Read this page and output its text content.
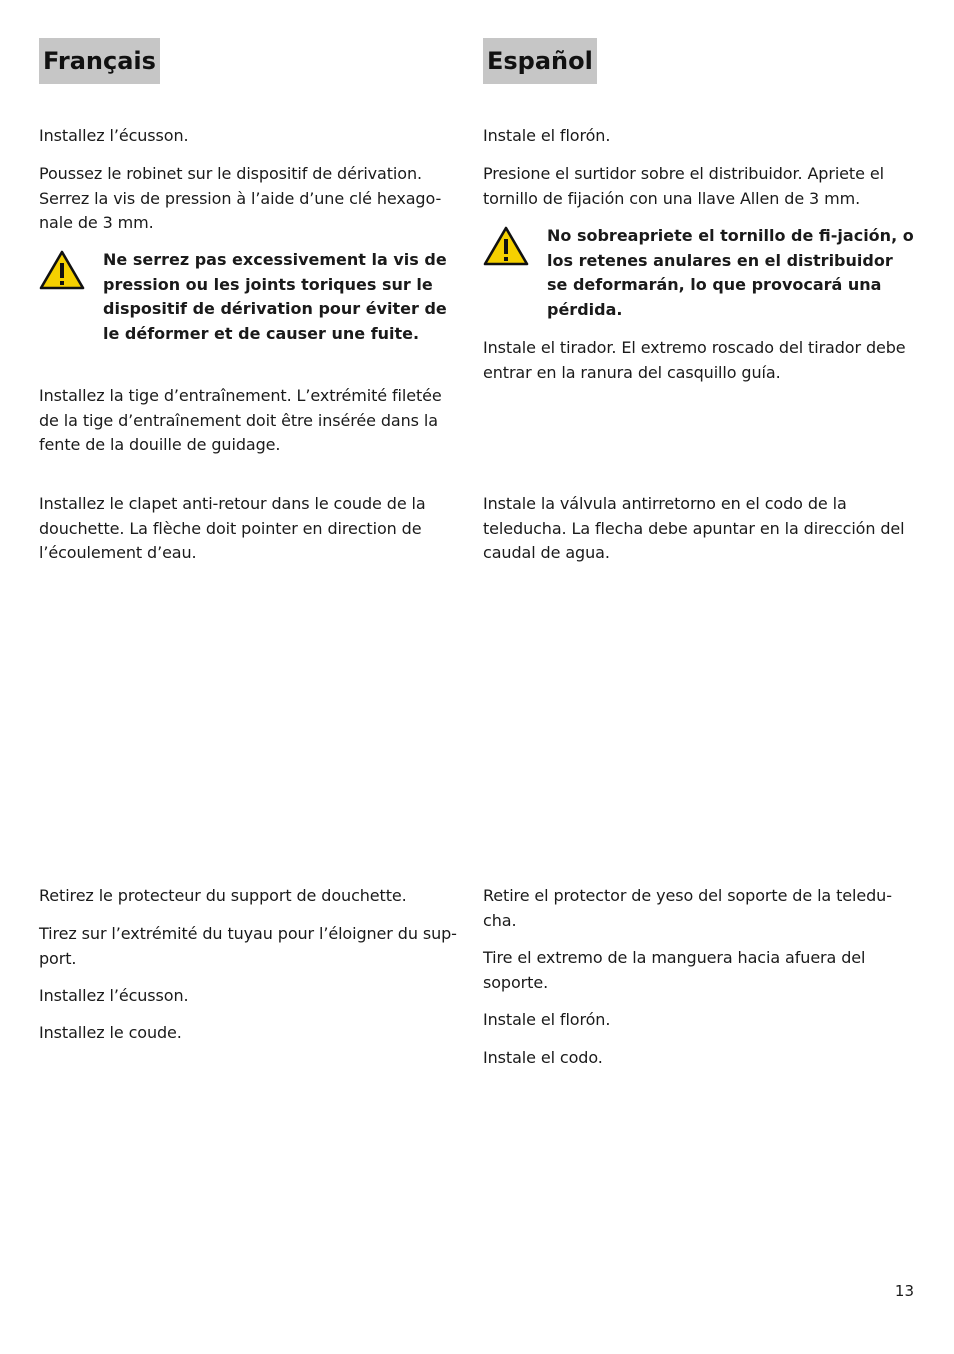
Français

Installez l’écusson.

Poussez le robinet sur le dispositif de dérivation. Serrez la vis de pression à l’aide d’une clé hexago-nale de 3 mm.

Ne serrez pas excessivement la vis de pression ou les joints toriques sur le dispositif de dérivation pour éviter de le déformer et de causer une fuite.

Installez la tige d’entraînement. L’extrémité filetée de la tige d’entraînement doit être insérée dans la fente de la douille de guidage.

Installez le clapet anti-retour dans le coude de la douchette. La flèche doit pointer en direction de l’écoulement d’eau.

Retirez le protecteur du support de douchette.

Tirez sur l’extrémité du tuyau pour l’éloigner du sup-port.

Installez l’écusson.

Installez le coude.

Español

Instale el florón.

Presione el surtidor sobre el distribuidor. Apriete el tornillo de fijación con una llave Allen de 3 mm.

No sobreapriete el tornillo de fi-jación, o los retenes anulares en el distribuidor se deformarán, lo que provocará una pérdida.

Instale el tirador. El extremo roscado del tirador debe entrar en la ranura del casquillo guía.

Instale la válvula antirretorno en el codo de la teleducha. La flecha debe apuntar en la dirección del caudal de agua.

Retire el protector de yeso del soporte de la teledu-cha.

Tire el extremo de la manguera hacia afuera del soporte.

Instale el florón.

Instale el codo.

13
